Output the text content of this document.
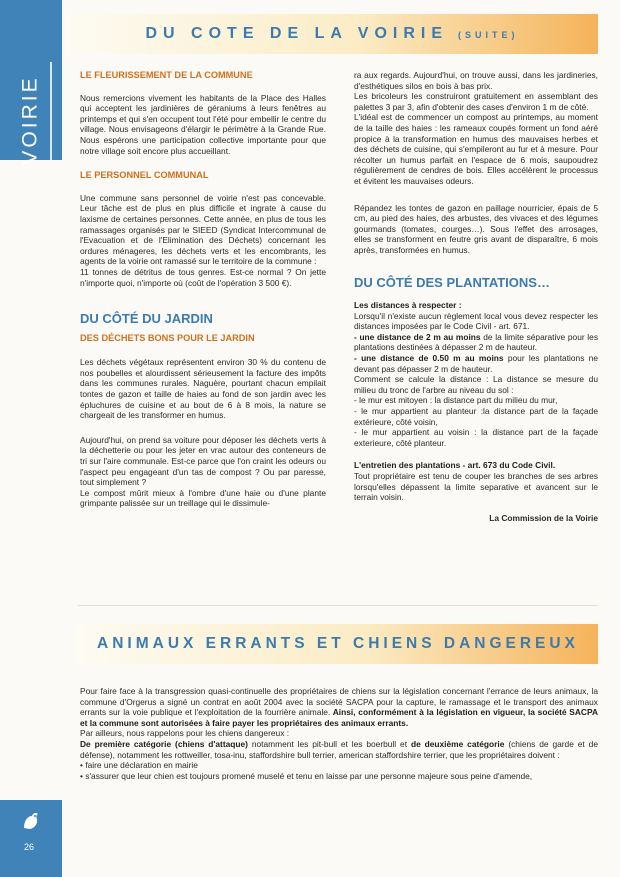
VOIRIE
26
DU COTE DE LA VOIRIE (SUITE)
LE FLEURISSEMENT DE LA COMMUNE

Nous remercions vivement les habitants de la Place des Halles qui acceptent les jardinières de géraniums à leurs fenêtres au printemps et qui s'en occupent tout l'été pour embellir le centre du village. Nous envisageons d'élargir le périmètre à la Grande Rue. Nous espérons une participation collective importante pour que notre village soit encore plus accueillant.

LE PERSONNEL COMMUNAL

Une commune sans personnel de voirie n'est pas concevable. Leur tâche est de plus en plus difficile et ingrate à cause du laxisme de certaines personnes. Cette année, en plus de tous les ramassages organisés par le SIEED (Syndicat Intercommunal de l'Evacuation et de l'Elimination des Déchets) concernant les ordures ménageres, les déchets verts et les encombrants, les agents de la voirie ont ramassé sur le territoire de la commune :

11 tonnes de détritus de tous genres. Est-ce normal ? On jette n'importe quoi, n'importe où (coût de l'opération 3 500 €).

DU CÔTÉ DU JARDIN
DES DÉCHETS BONS POUR LE JARDIN

Les déchets végétaux représentent environ 30 % du contenu de nos poubelles et alourdissent sérieusement la facture des impôts dans les communes rurales. Naguère, pourtant chacun empilait tontes de gazon et taille de haies au fond de son jardin avec les épluchures de cuisine et au bout de 6 à 8 mois, la nature se chargeait de les transformer en humus.

Aujourd'hui, on prend sa voiture pour déposer les déchets verts à la déchetterie ou pour les jeter en vrac autour des conteneurs de tri sur l'aire communale. Est-ce parce que l'on craint les odeurs ou l'aspect peu engageant d'un tas de compost ? Ou par paresse, tout simplement ?

Le compost mûrit mieux à l'ombre d'une haie ou d'une plante grimpante palissée sur un treillage qui le dissimule-

ra aux regards. Aujourd'hui, on trouve aussi, dans les jardineries, d'esthétiques silos en bois à bas prix.

Les bricoleurs les construiront gratuitement en assemblant des palettes 3 par 3, afin d'obtenir des cases d'environ 1 m de côté.

L'idéal est de commencer un compost au printemps, au moment de la taille des haies : les rameaux coupés forment un fond aéré propice à la transformation en humus des mauvaises herbes et des déchets de cuisine, qui s'empileront au fur et à mesure. Pour récolter un humus parfait en l'espace de 6 mois, saupoudrez régulièrement de cendres de bois. Elles accélèrent le processus et évitent les mauvaises odeurs.

Répandez les tontes de gazon en paillage nourricier, épais de 5 cm, au pied des haies, des arbustes, des vivaces et des légumes gourmands (tomates, courges…). Sous l'effet des arrosages, elles se transforment en feutre gris avant de disparaître, 6 mois après, transformées en humus.

DU CÔTÉ DES PLANTATIONS…

Les distances à respecter :

Lorsqu'il n'existe aucun règlement local vous devez respecter les distances imposées par le Code Civil - art. 671.

- une distance de 2 m au moins de la limite séparative pour les plantations destinées à dépasser 2 m de hauteur.

- une distance de 0.50 m au moins pour les plantations ne devant pas dépasser 2 m de hauteur.

Comment se calcule la distance : La distance se mesure du milieu du tronc de l'arbre au niveau du sol :

- le mur est mitoyen : la distance part du milieu du mur,

- le mur appartient au planteur :la distance part de la façade extérieure, côté voisin,

- le mur appartient au voisin : la distance part de la façade exterieure, côté planteur.

L'entretien des plantations - art. 673 du Code Civil.

Tout propriétaire est tenu de couper les branches de ses arbres lorsqu'elles dépassent la limite separative et avancent sur le terrain voisin.

La Commission de la Voirie
ANIMAUX ERRANTS ET CHIENS DANGEREUX

Pour faire face à la transgression quasi-continuelle des propriétaires de chiens sur la législation concernant l'errance de leurs animaux, la commune d'Orgerus a signé un contrat en août 2004 avec la société SACPA pour la capture, le ramassage et le transport des animaux errants sur la voie publique et l'exploitation de la fourrière animale. Ainsi, conformément à la législation en vigueur, la société SACPA et la commune sont autorisées à faire payer les propriétaires des animaux errants.

Par ailleurs, nous rappelons pour les chiens dangereux :

De première catégorie (chiens d'attaque) notamment les pit-bull et les boerbull et de deuxième catégorie (chiens de garde et de défense), notamment les rottweiller, tosa-inu, staffordshire bull terrier, american staffordshire terrier, que les propriétaires doivent :

• faire une déclaration en mairie

• s'assurer que leur chien est toujours promené muselé et tenu en laisse par une personne majeure sous peine d'amende,
